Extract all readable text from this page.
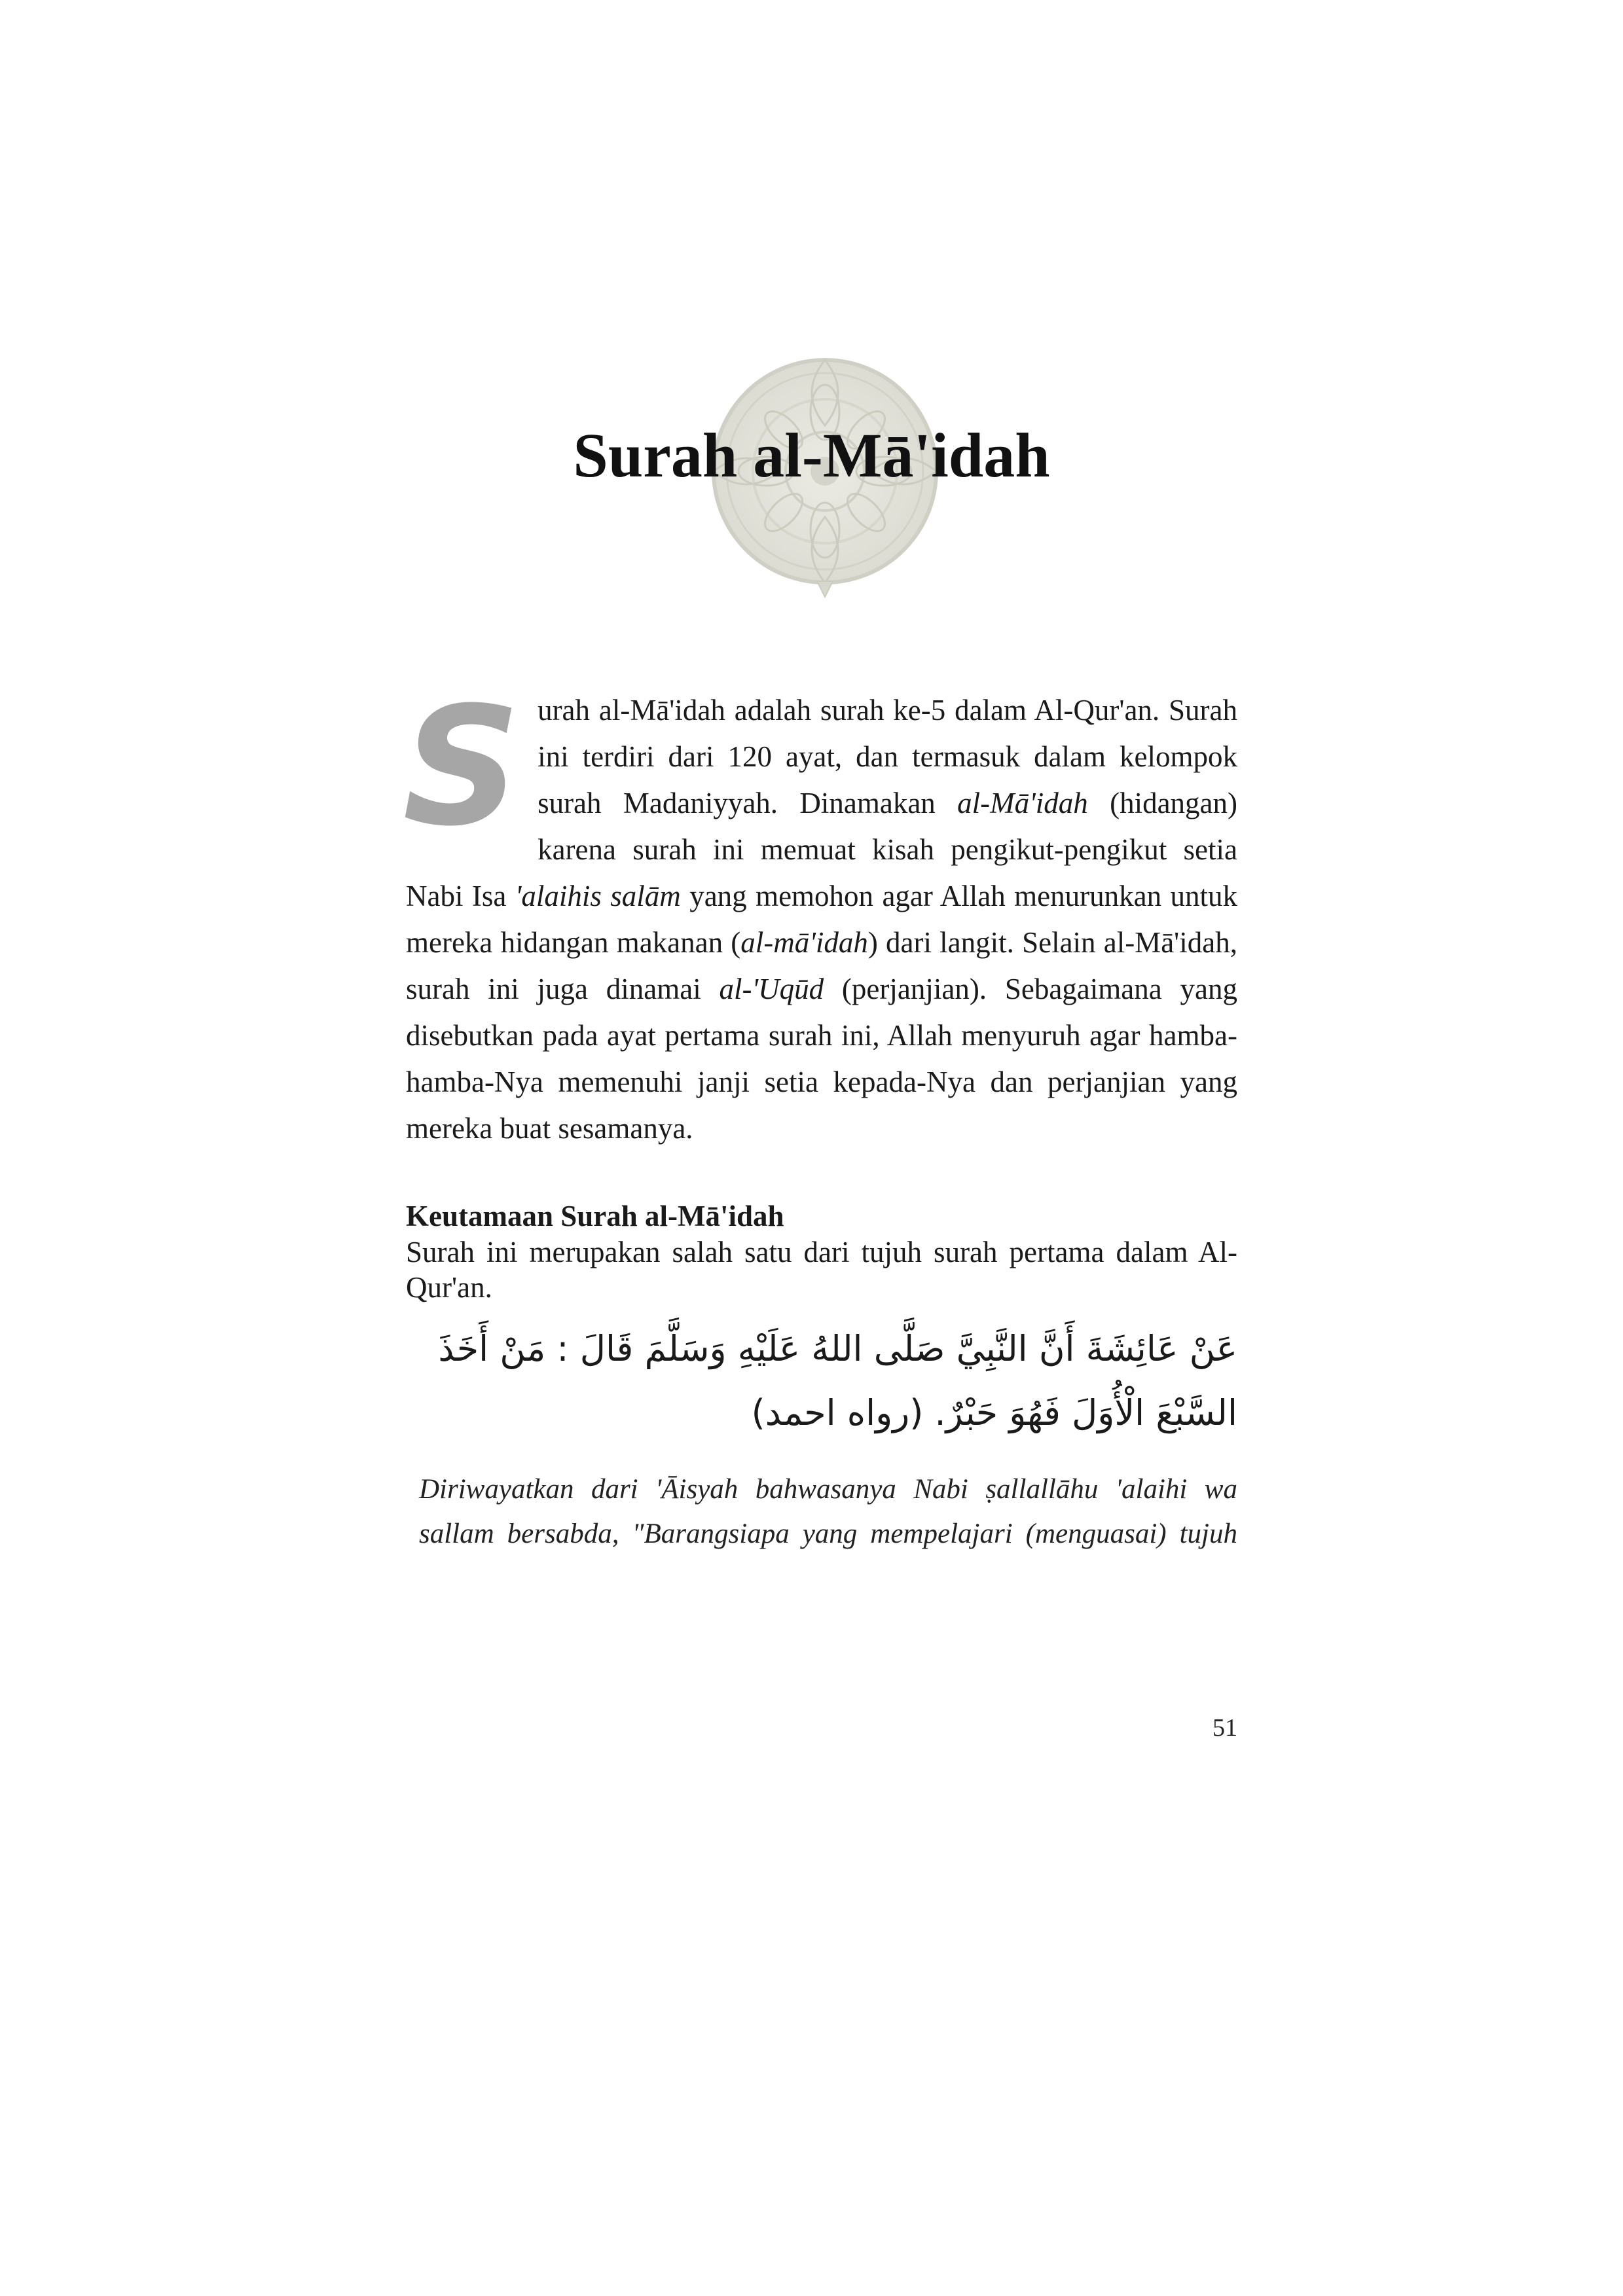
Surah al-Mā'idah
S urah al-Mā'idah adalah surah ke-5 dalam Al-Qur'an. Surah ini terdiri dari 120 ayat, dan termasuk dalam kelompok surah Madaniyyah. Dinamakan al-Mā'idah (hidangan) karena surah ini memuat kisah pengikut-pengikut setia Nabi Isa 'alaihis salām yang memohon agar Allah menurunkan untuk mereka hidangan makanan (al-mā'idah) dari langit. Selain al-Mā'idah, surah ini juga dinamai al-'Uqūd (perjanjian). Sebagaimana yang disebutkan pada ayat pertama surah ini, Allah menyuruh agar hamba-hamba-Nya memenuhi janji setia kepada-Nya dan perjanjian yang mereka buat sesamanya.

Keutamaan Surah al-Mā'idah

Surah ini merupakan salah satu dari tujuh surah pertama dalam Al-Qur'an.

عَنْ عَائِشَةَ أَنَّ النَّبِيَّ صَلَّى اللهُ عَلَيْهِ وَسَلَّمَ قَالَ : مَنْ أَخَذَ السَّبْعَ الْأُوَلَ فَهُوَ حَبْرٌ. (رواه احمد)

Diriwayatkan dari 'Āisyah bahwasanya Nabi ṣallallāhu 'alaihi wa sallam bersabda, "Barangsiapa yang mempelajari (menguasai) tujuh

51
